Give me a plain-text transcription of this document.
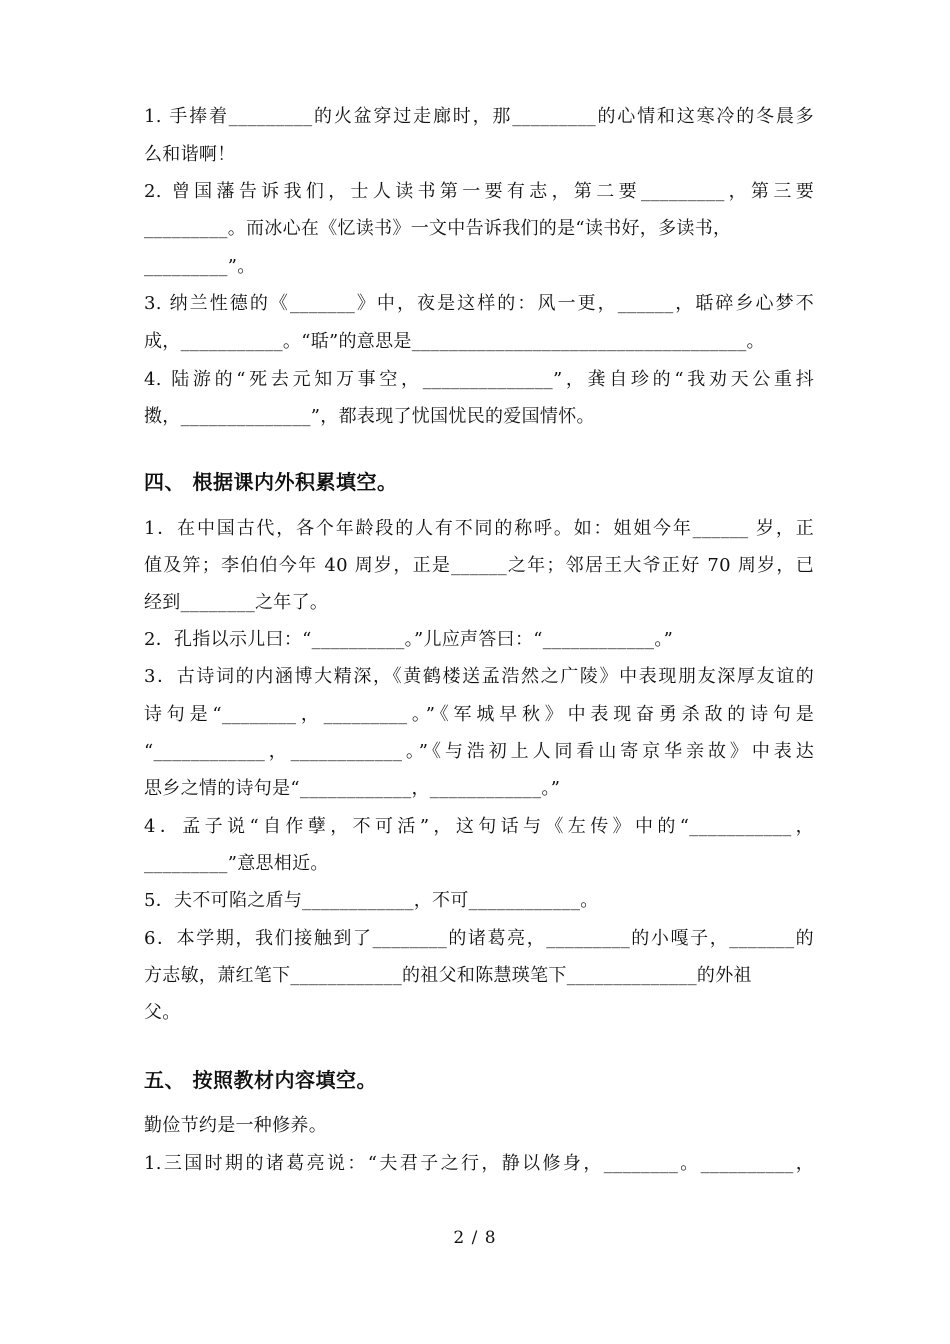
1. 手捧着_________的火盆穿过走廊时，那_________的心情和这寒冷的冬晨多
么和谐啊！
2. 曾国藩告诉我们，士人读书第一要有志，第二要_________，第三要
_________。而冰心在《忆读书》一文中告诉我们的是“读书好，多读书，
_________”。
3. 纳兰性德的《_______》中，夜是这样的：风一更，______，聒碎乡心梦不
成，___________。“聒”的意思是____________________________________。
4. 陆游的“死去元知万事空，______________”，龚自珍的“我劝天公重抖
擞，______________”，都表现了忧国忧民的爱国情怀。
四、 根据课内外积累填空。
1．在中国古代，各个年龄段的人有不同的称呼。如：姐姐今年______ 岁，正
值及笄；李伯伯今年 40 周岁，正是______之年；邻居王大爷正好 70 周岁，已
经到________之年了。
2．孔指以示儿曰：“__________。”儿应声答曰：“____________。”
3．古诗词的内涵博大精深，《黄鹤楼送孟浩然之广陵》中表现朋友深厚友谊的
诗句是“________，_________。”《军城早秋》中表现奋勇杀敌的诗句是
“____________，____________。”《与浩初上人同看山寄京华亲故》中表达
思乡之情的诗句是“____________，____________。”
4．孟子说“自作孽，不可活”，这句话与《左传》中的“___________，
_________”意思相近。
5．夫不可陷之盾与____________，不可____________。
6．本学期，我们接触到了________的诸葛亮，_________的小嘎子，_______的
方志敏，萧红笔下____________的祖父和陈慧瑛笔下______________的外祖
父。
五、 按照教材内容填空。
勤俭节约是一种修养。
1.三国时期的诸葛亮说：“夫君子之行，静以修身，________。__________，
2 / 8
